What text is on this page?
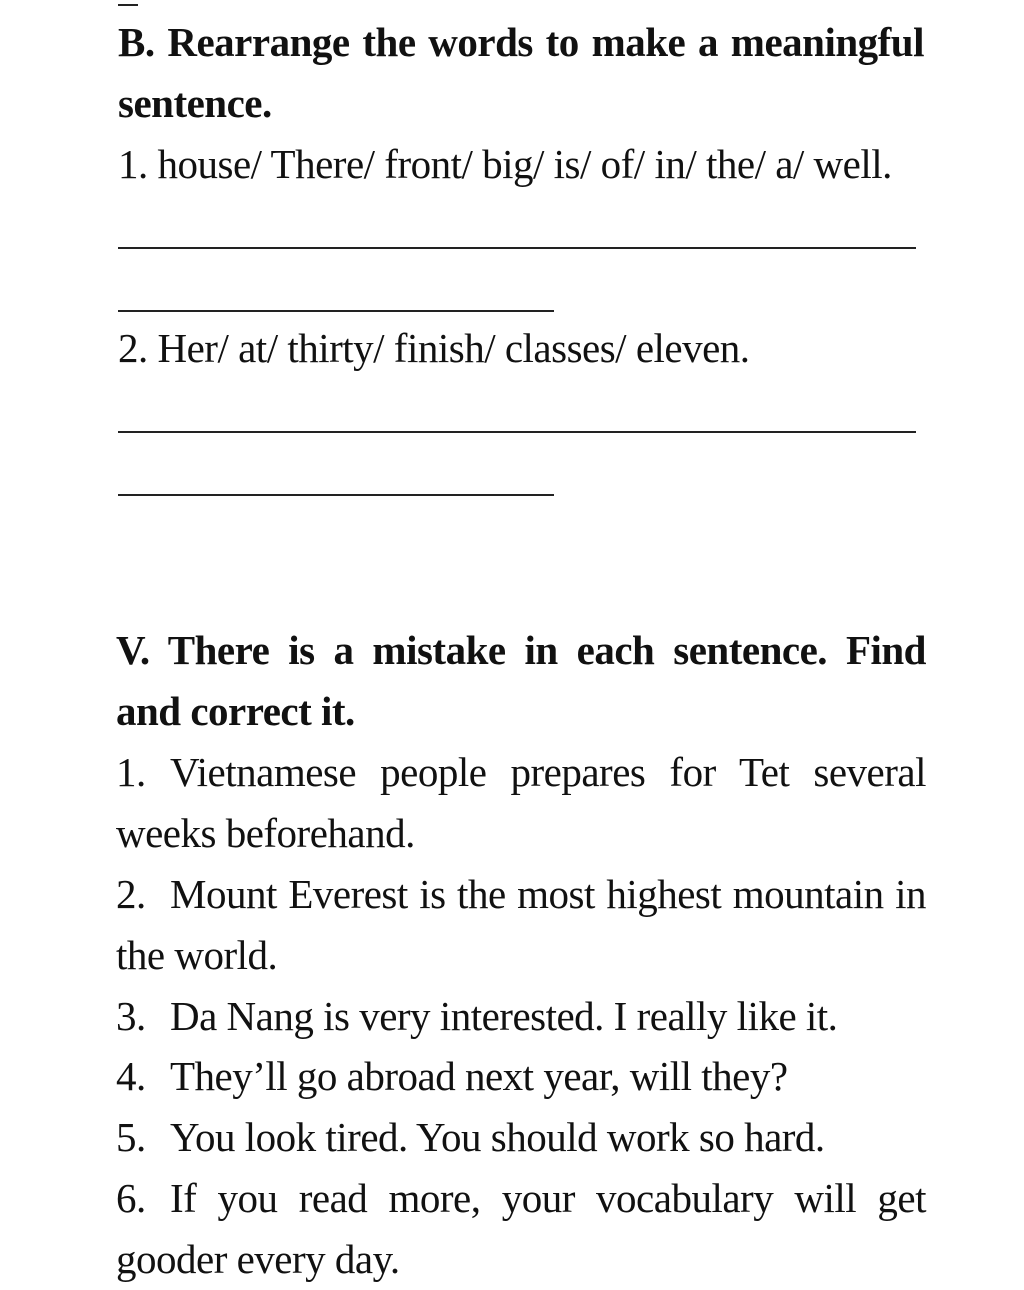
B. Rearrange the words to make a meaningful sentence.
1. house/ There/ front/ big/ is/ of/ in/ the/ a/ well.
2. Her/ at/ thirty/ finish/ classes/ eleven.
V. There is a mistake in each sentence. Find and correct it.
1. Vietnamese people prepares for Tet several weeks beforehand.
2. Mount Everest is the most highest mountain in the world.
3. Da Nang is very interested. I really like it.
4. They’ll go abroad next year, will they?
5. You look tired. You should work so hard.
6. If you read more, your vocabulary will get gooder every day.
